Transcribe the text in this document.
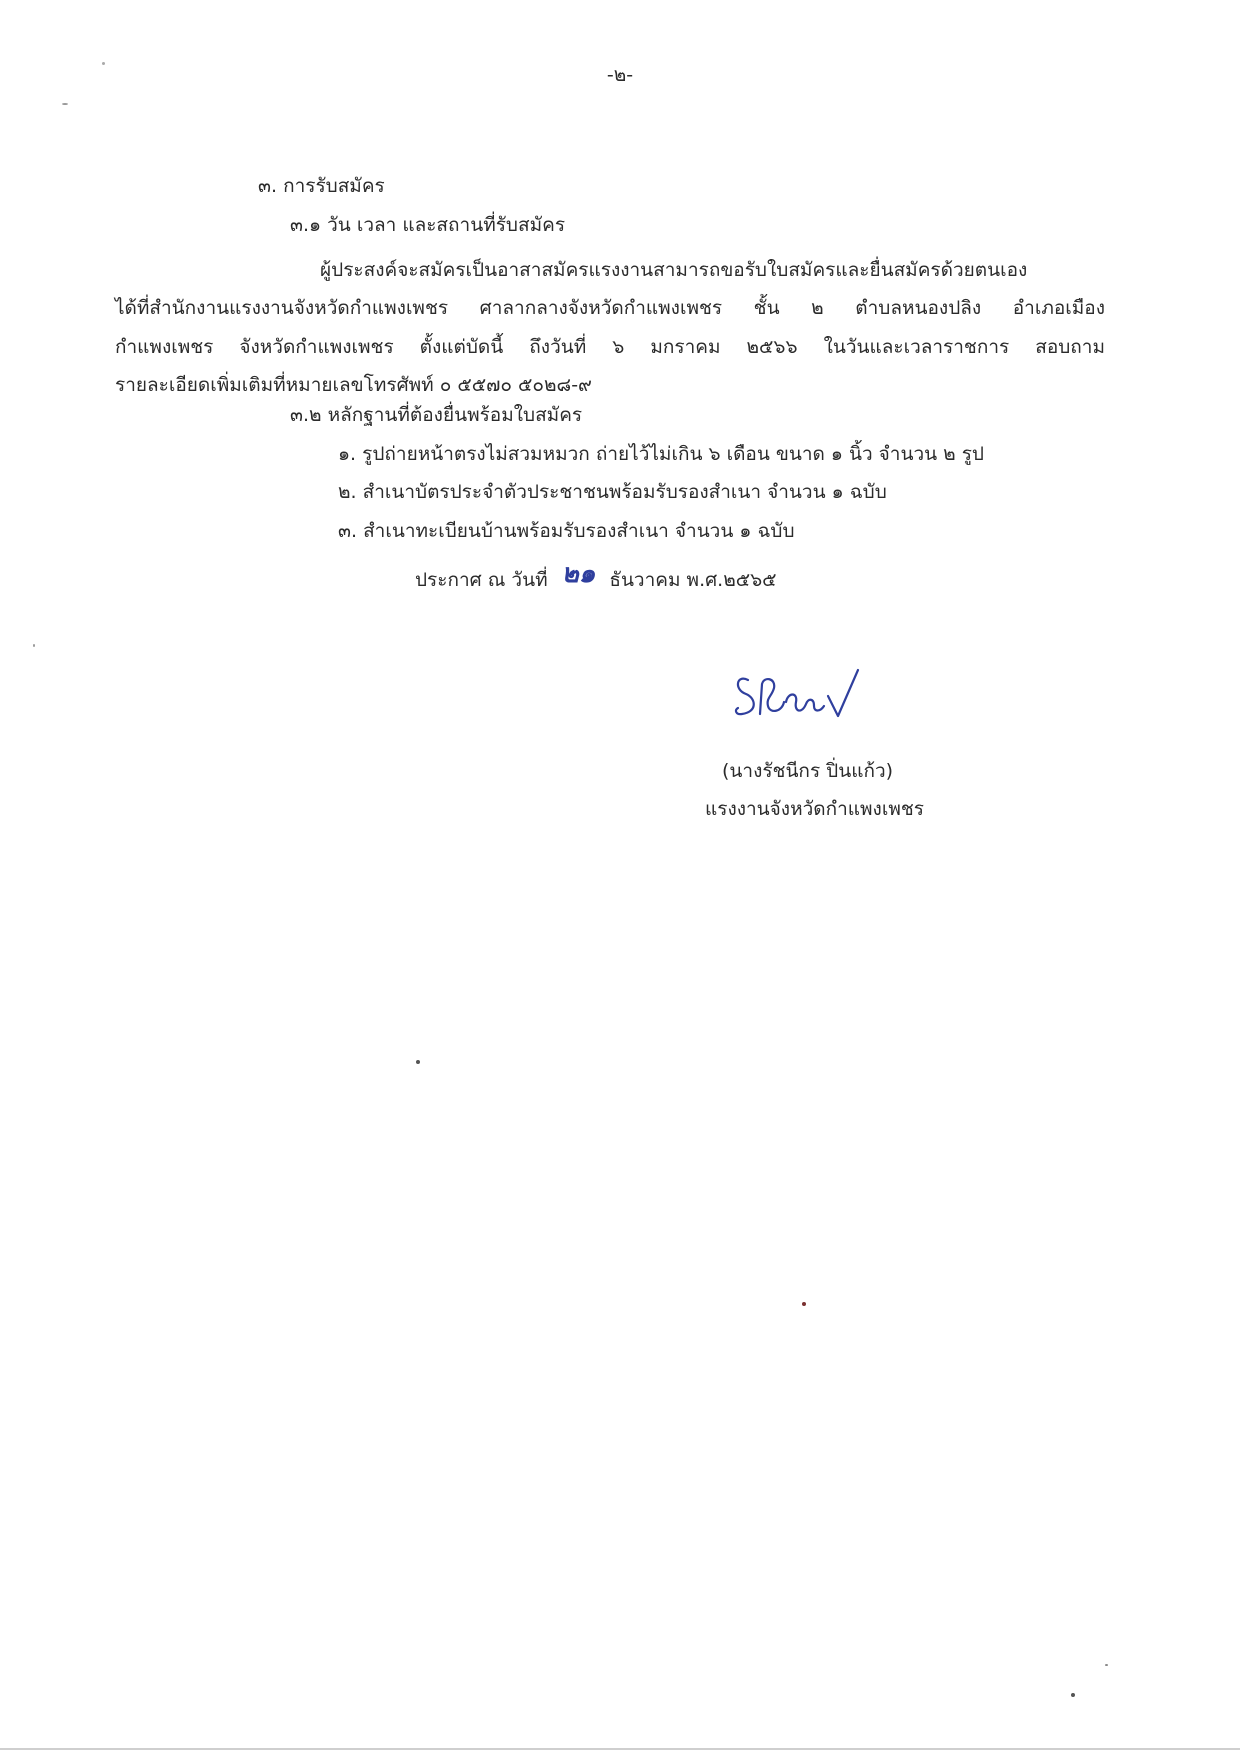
-๒-
๓. การรับสมัคร
๓.๑ วัน เวลา และสถานที่รับสมัคร
ผู้ประสงค์จะสมัครเป็นอาสาสมัครแรงงานสามารถขอรับใบสมัครและยื่นสมัครด้วยตนเอง
ได้ที่สำนักงานแรงงานจังหวัดกำแพงเพชร ศาลากลางจังหวัดกำแพงเพชร ชั้น ๒ ตำบลหนองปลิง อำเภอเมือง
กำแพงเพชร จังหวัดกำแพงเพชร ตั้งแต่บัดนี้ ถึงวันที่ ๖ มกราคม ๒๕๖๖ ในวันและเวลาราชการ สอบถาม
รายละเอียดเพิ่มเติมที่หมายเลขโทรศัพท์ ๐ ๕๕๗๐ ๕๐๒๘-๙
๓.๒ หลักฐานที่ต้องยื่นพร้อมใบสมัคร
๑. รูปถ่ายหน้าตรงไม่สวมหมวก ถ่ายไว้ไม่เกิน ๖ เดือน ขนาด ๑ นิ้ว จำนวน ๒ รูป
๒. สำเนาบัตรประจำตัวประชาชนพร้อมรับรองสำเนา จำนวน ๑ ฉบับ
๓. สำเนาทะเบียนบ้านพร้อมรับรองสำเนา จำนวน ๑ ฉบับ
ประกาศ ณ วันที่ ๒๑ ธันวาคม พ.ศ.๒๕๖๕
(นางรัชนีกร ปิ่นแก้ว)
แรงงานจังหวัดกำแพงเพชร
